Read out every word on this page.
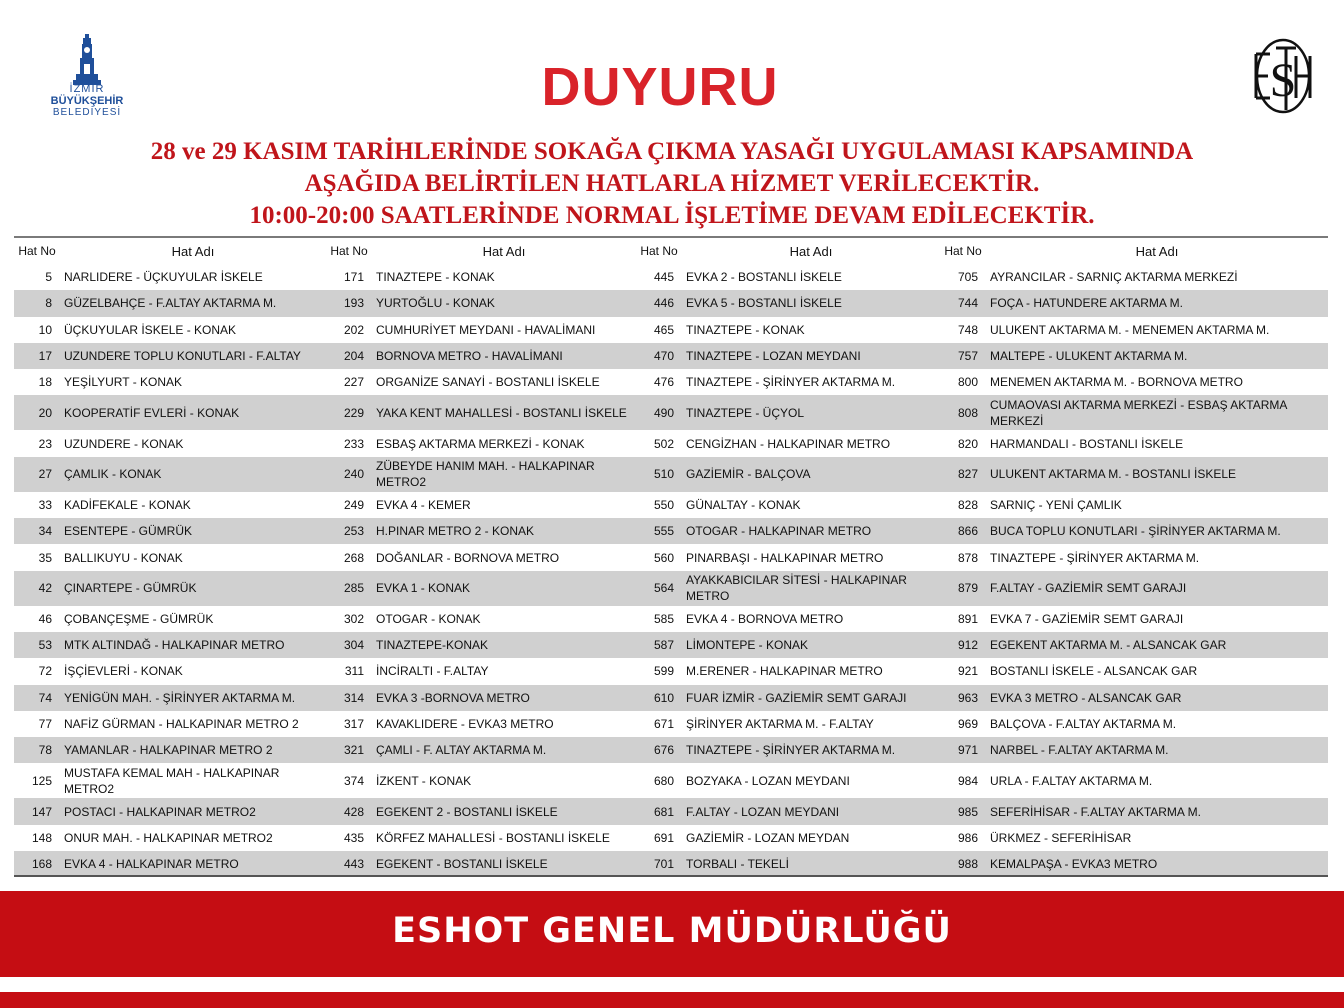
İZMİR
BÜYÜKŞEHİR
BELEDİYESİ
S
DUYURU
28 ve 29 KASIM TARİHLERİNDE SOKAĞA ÇIKMA YASAĞI UYGULAMASI KAPSAMINDA
AŞAĞIDA BELİRTİLEN HATLARLA HİZMET VERİLECEKTİR.
10:00-20:00 SAATLERİNDE NORMAL İŞLETİME DEVAM EDİLECEKTİR.
Hat No	Hat Adı	Hat No	Hat Adı	Hat No	Hat Adı	Hat No	Hat Adı
5	NARLIDERE - ÜÇKUYULAR İSKELE	171	TINAZTEPE - KONAK	445	EVKA 2 - BOSTANLI İSKELE	705	AYRANCILAR - SARNIÇ AKTARMA MERKEZİ
8	GÜZELBAHÇE - F.ALTAY AKTARMA M.	193	YURTOĞLU - KONAK	446	EVKA 5 - BOSTANLI İSKELE	744	FOÇA - HATUNDERE AKTARMA M.
10	ÜÇKUYULAR İSKELE - KONAK	202	CUMHURİYET MEYDANI - HAVALİMANI	465	TINAZTEPE - KONAK	748	ULUKENT AKTARMA M. - MENEMEN AKTARMA M.
17	UZUNDERE TOPLU KONUTLARI - F.ALTAY	204	BORNOVA METRO - HAVALİMANI	470	TINAZTEPE - LOZAN MEYDANI	757	MALTEPE - ULUKENT AKTARMA M.
18	YEŞİLYURT - KONAK	227	ORGANİZE SANAYİ - BOSTANLI İSKELE	476	TINAZTEPE - ŞİRİNYER AKTARMA M.	800	MENEMEN AKTARMA M. - BORNOVA METRO
20	KOOPERATİF EVLERİ - KONAK	229	YAKA KENT MAHALLESİ - BOSTANLI İSKELE	490	TINAZTEPE - ÜÇYOL	808	CUMAOVASI AKTARMA MERKEZİ - ESBAŞ AKTARMA MERKEZİ
23	UZUNDERE - KONAK	233	ESBAŞ AKTARMA MERKEZİ - KONAK	502	CENGİZHAN - HALKAPINAR METRO	820	HARMANDALI - BOSTANLI İSKELE
27	ÇAMLIK - KONAK	240	ZÜBEYDE HANIM MAH. - HALKAPINAR METRO2	510	GAZİEMİR - BALÇOVA	827	ULUKENT AKTARMA M. - BOSTANLI İSKELE
33	KADİFEKALE - KONAK	249	EVKA 4 - KEMER	550	GÜNALTAY - KONAK	828	SARNIÇ - YENİ ÇAMLIK
34	ESENTEPE - GÜMRÜK	253	H.PINAR METRO 2 - KONAK	555	OTOGAR - HALKAPINAR METRO	866	BUCA TOPLU KONUTLARI - ŞİRİNYER AKTARMA M.
35	BALLIKUYU - KONAK	268	DOĞANLAR - BORNOVA METRO	560	PINARBAŞI - HALKAPINAR METRO	878	TINAZTEPE - ŞİRİNYER AKTARMA M.
42	ÇINARTEPE - GÜMRÜK	285	EVKA 1 - KONAK	564	AYAKKABICILAR SİTESİ - HALKAPINAR METRO	879	F.ALTAY - GAZİEMİR SEMT GARAJI
46	ÇOBANÇEŞME - GÜMRÜK	302	OTOGAR - KONAK	585	EVKA 4 - BORNOVA METRO	891	EVKA 7 - GAZİEMİR SEMT GARAJI
53	MTK ALTINDAĞ - HALKAPINAR METRO	304	TINAZTEPE-KONAK	587	LİMONTEPE - KONAK	912	EGEKENT AKTARMA M. - ALSANCAK GAR
72	İŞÇİEVLERİ - KONAK	311	İNCİRALTI - F.ALTAY	599	M.ERENER - HALKAPINAR METRO	921	BOSTANLI İSKELE - ALSANCAK GAR
74	YENİGÜN MAH. - ŞİRİNYER AKTARMA M.	314	EVKA 3 -BORNOVA METRO	610	FUAR İZMİR - GAZİEMİR SEMT GARAJI	963	EVKA 3 METRO - ALSANCAK GAR
77	NAFİZ GÜRMAN - HALKAPINAR METRO 2	317	KAVAKLIDERE - EVKA3 METRO	671	ŞİRİNYER AKTARMA M. - F.ALTAY	969	BALÇOVA - F.ALTAY AKTARMA M.
78	YAMANLAR - HALKAPINAR METRO 2	321	ÇAMLI - F. ALTAY AKTARMA M.	676	TINAZTEPE - ŞİRİNYER AKTARMA M.	971	NARBEL - F.ALTAY AKTARMA M.
125	MUSTAFA KEMAL MAH - HALKAPINAR METRO2	374	İZKENT - KONAK	680	BOZYAKA - LOZAN MEYDANI	984	URLA - F.ALTAY AKTARMA M.
147	POSTACI - HALKAPINAR METRO2	428	EGEKENT 2 - BOSTANLI İSKELE	681	F.ALTAY - LOZAN MEYDANI	985	SEFERİHİSAR - F.ALTAY AKTARMA M.
148	ONUR MAH. - HALKAPINAR METRO2	435	KÖRFEZ MAHALLESİ - BOSTANLI İSKELE	691	GAZİEMİR - LOZAN MEYDAN	986	ÜRKMEZ - SEFERİHİSAR
168	EVKA 4 - HALKAPINAR METRO	443	EGEKENT - BOSTANLI İSKELE	701	TORBALI - TEKELİ	988	KEMALPAŞA - EVKA3 METRO
ESHOT GENEL MÜDÜRLÜĞÜ
